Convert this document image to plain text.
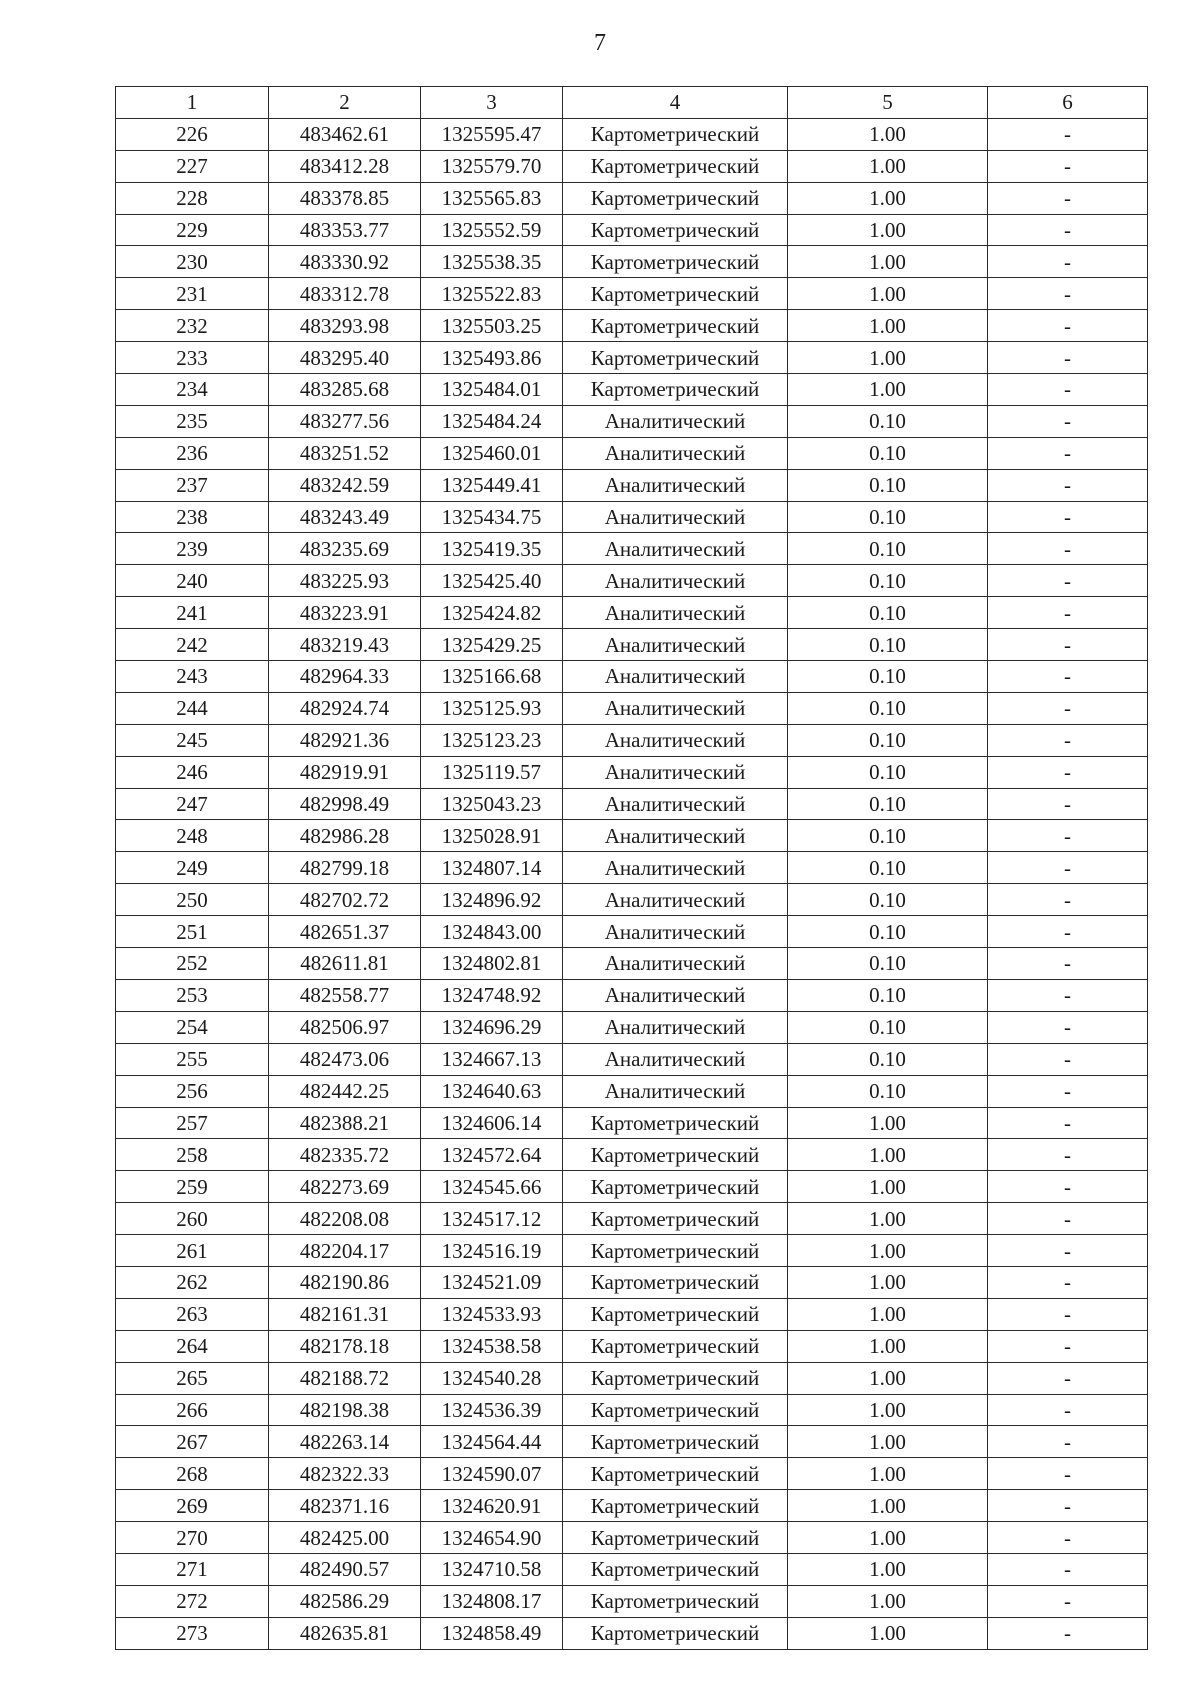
7
1	2	3	4	5	6
226	483462.61	1325595.47	Картометрический	1.00	-
227	483412.28	1325579.70	Картометрический	1.00	-
228	483378.85	1325565.83	Картометрический	1.00	-
229	483353.77	1325552.59	Картометрический	1.00	-
230	483330.92	1325538.35	Картометрический	1.00	-
231	483312.78	1325522.83	Картометрический	1.00	-
232	483293.98	1325503.25	Картометрический	1.00	-
233	483295.40	1325493.86	Картометрический	1.00	-
234	483285.68	1325484.01	Картометрический	1.00	-
235	483277.56	1325484.24	Аналитический	0.10	-
236	483251.52	1325460.01	Аналитический	0.10	-
237	483242.59	1325449.41	Аналитический	0.10	-
238	483243.49	1325434.75	Аналитический	0.10	-
239	483235.69	1325419.35	Аналитический	0.10	-
240	483225.93	1325425.40	Аналитический	0.10	-
241	483223.91	1325424.82	Аналитический	0.10	-
242	483219.43	1325429.25	Аналитический	0.10	-
243	482964.33	1325166.68	Аналитический	0.10	-
244	482924.74	1325125.93	Аналитический	0.10	-
245	482921.36	1325123.23	Аналитический	0.10	-
246	482919.91	1325119.57	Аналитический	0.10	-
247	482998.49	1325043.23	Аналитический	0.10	-
248	482986.28	1325028.91	Аналитический	0.10	-
249	482799.18	1324807.14	Аналитический	0.10	-
250	482702.72	1324896.92	Аналитический	0.10	-
251	482651.37	1324843.00	Аналитический	0.10	-
252	482611.81	1324802.81	Аналитический	0.10	-
253	482558.77	1324748.92	Аналитический	0.10	-
254	482506.97	1324696.29	Аналитический	0.10	-
255	482473.06	1324667.13	Аналитический	0.10	-
256	482442.25	1324640.63	Аналитический	0.10	-
257	482388.21	1324606.14	Картометрический	1.00	-
258	482335.72	1324572.64	Картометрический	1.00	-
259	482273.69	1324545.66	Картометрический	1.00	-
260	482208.08	1324517.12	Картометрический	1.00	-
261	482204.17	1324516.19	Картометрический	1.00	-
262	482190.86	1324521.09	Картометрический	1.00	-
263	482161.31	1324533.93	Картометрический	1.00	-
264	482178.18	1324538.58	Картометрический	1.00	-
265	482188.72	1324540.28	Картометрический	1.00	-
266	482198.38	1324536.39	Картометрический	1.00	-
267	482263.14	1324564.44	Картометрический	1.00	-
268	482322.33	1324590.07	Картометрический	1.00	-
269	482371.16	1324620.91	Картометрический	1.00	-
270	482425.00	1324654.90	Картометрический	1.00	-
271	482490.57	1324710.58	Картометрический	1.00	-
272	482586.29	1324808.17	Картометрический	1.00	-
273	482635.81	1324858.49	Картометрический	1.00	-
